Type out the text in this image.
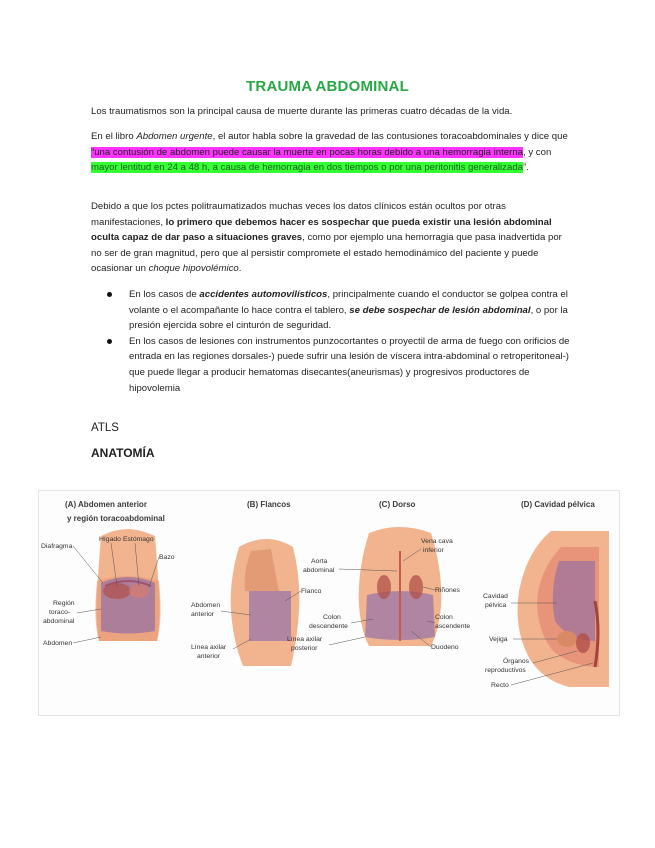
TRAUMA ABDOMINAL
Los traumatismos son la principal causa de muerte durante las primeras cuatro décadas de la vida.
En el libro Abdomen urgente, el autor habla sobre la gravedad de las contusiones toracoabdominales y dice que “una contusión de abdomen puede causar la muerte en pocas horas debido a una hemorragia interna, y con mayor lentitud en 24 a 48 h, a causa de hemorragia en dos tiempos o por una peritonitis generalizada”.
Debido a que los pctes politraumatizados muchas veces los datos clínicos están ocultos por otras manifestaciones, lo primero que debemos hacer es sospechar que pueda existir una lesión abdominal oculta capaz de dar paso a situaciones graves, como por ejemplo una hemorragia que pasa inadvertida por no ser de gran magnitud, pero que al persistir compromete el estado hemodinámico del paciente y puede ocasionar un choque hipovolémico.
En los casos de accidentes automovilísticos, principalmente cuando el conductor se golpea contra el volante o el acompañante lo hace contra el tablero, se debe sospechar de lesión abdominal, o por la presión ejercida sobre el cinturón de seguridad.
En los casos de lesiones con instrumentos punzocortantes o proyectil de arma de fuego con orificios de entrada en las regiones dorsales-) puede sufrir una lesión de víscera intra-abdominal o retroperitoneal-) que puede llegar a producir hematomas disecantes(aneurismas) y progresivos productores de hipovolemia
ATLS
ANATOMÍA
(A) Abdomen anterior
y región toracoabdominal
Diafragma
Hígado Estómago
Bazo
Región
toraco-
abdominal
Abdomen
(B) Flancos
Flanco
Abdomen
anterior
Línea axilar
anterior
(C) Dorso
Aorta
abdominal
Vena cava
inferior
Riñones
Colon
descendente
Colon
ascendente
Línea axilar
posterior	Duodeno
(D) Cavidad pélvica
Cavidad
pélvica
Vejiga
Órganos
reproductivos
Recto
